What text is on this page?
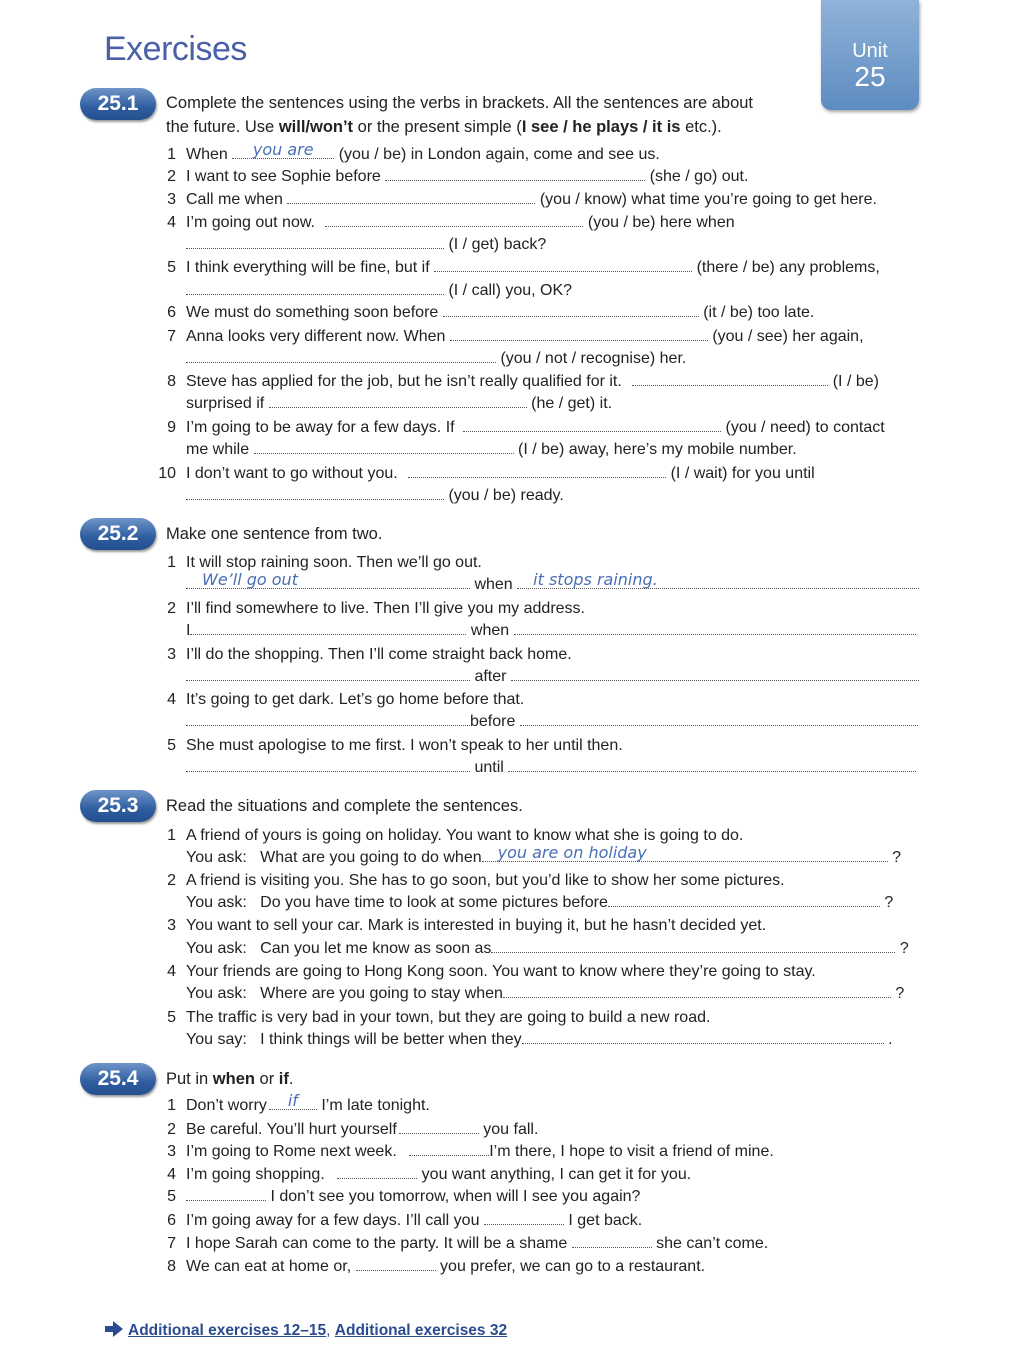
Exercises	Unit
25
25.1	Complete the sentences using the verbs in brackets. All the sentences are about
the future. Use will/won’t or the present simple (I see / he plays / it is etc.).
1 When	you are	(you / be) in London again, come and see us.
2 I want to see Sophie before	(she / go) out.
3 Call me when	(you / know) what time you’re going to get here.
4 I’m going out now.	(you / be) here when
(I / get) back?
5 I think everything will be fine, but if	(there / be) any problems,
(I / call) you, OK?
6 We must do something soon before	(it / be) too late.
7 Anna looks very different now. When	(you / see) her again,
(you / not / recognise) her.
8 Steve has applied for the job, but he isn’t really qualified for it.	(I / be)
surprised if	(he / get) it.
9 I’m going to be away for a few days. If	(you / need) to contact
me while	(I / be) away, here’s my mobile number.
10 I don’t want to go without you.	(I / wait) for you until
(you / be) ready.
25.2	Make one sentence from two.
1 It will stop raining soon. Then we’ll go out.
We’ll go out	when	it stops raining.
2 I’ll find somewhere to live. Then I’ll give you my address.
I	when
3 I’ll do the shopping. Then I’ll come straight back home.
after
4 It’s going to get dark. Let’s go home before that.
before
5 She must apologise to me first. I won’t speak to her until then.
until
25.3	Read the situations and complete the sentences.
1 A friend of yours is going on holiday. You want to know what she is going to do.
You ask: What are you going to do when	you are on holiday	?
2 A friend is visiting you. She has to go soon, but you’d like to show her some pictures.
You ask: Do you have time to look at some pictures before	?
3 You want to sell your car. Mark is interested in buying it, but he hasn’t decided yet.
You ask: Can you let me know as soon as	?
4 Your friends are going to Hong Kong soon. You want to know where they’re going to stay.
You ask: Where are you going to stay when	?
5 The traffic is very bad in your town, but they are going to build a new road.
You say: I think things will be better when they	.
25.4	Put in when or if.
1 Don’t worry	if	I’m late tonight.
2 Be careful. You’ll hurt yourself	you fall.
3 I’m going to Rome next week.	I’m there, I hope to visit a friend of mine.
4 I’m going shopping.	you want anything, I can get it for you.
5	I don’t see you tomorrow, when will I see you again?
6 I’m going away for a few days. I’ll call you	I get back.
7 I hope Sarah can come to the party. It will be a shame	she can’t come.
8 We can eat at home or,	you prefer, we can go to a restaurant.
Additional exercises 12–15, Additional exercises 32
